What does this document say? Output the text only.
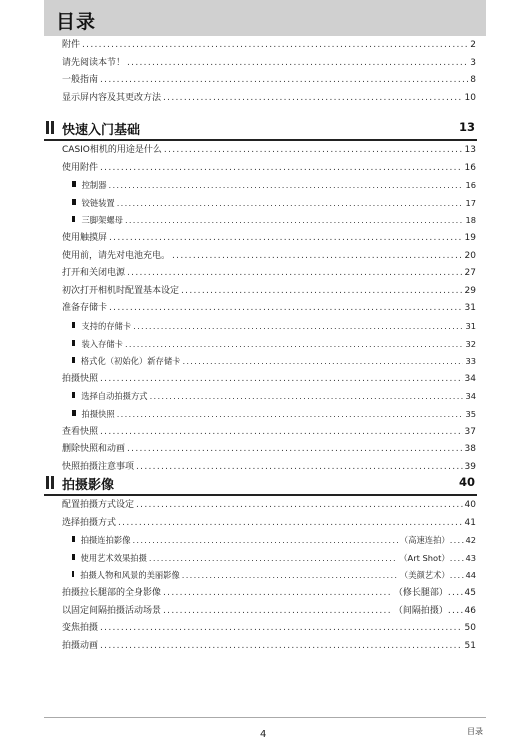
目录
附件 .....	2
请先阅读本节！ .....	3
一般指南 .....	8
显示屏内容及其更改方法 .....	10
快速入门基础	13
CASIO相机的用途是什么 .....	13
使用附件 .....	16
控制器 .....	16
铰链装置 .....	17
三脚架螺母 .....	18
使用触摸屏 .....	19
使用前，请先对电池充电。 .....	20
打开和关闭电源 .....	27
初次打开相机时配置基本设定 .....	29
准备存储卡 .....	31
支持的存储卡 .....	31
装入存储卡 .....	32
格式化（初始化）新存储卡 .....	33
拍摄快照 .....	34
选择自动拍摄方式 .....	34
拍摄快照 .....	35
查看快照 .....	37
删除快照和动画 .....	38
快照拍摄注意事项 .....	39
拍摄影像	40
配置拍摄方式设定 .....	40
选择拍摄方式 .....	41
拍摄连拍影像 .....	（高速连拍） .... 42
使用艺术效果拍摄 .....	（Art Shot） .... 43
拍摄人物和风景的美丽影像 .....	（美颜艺术） .... 44
拍摄拉长腿部的全身影像 .....	（修长腿部） .... 45
以固定间隔拍摄活动场景 .....	（间隔拍摄） .... 46
变焦拍摄 .....	50
拍摄动画 .....	51
4	目录
